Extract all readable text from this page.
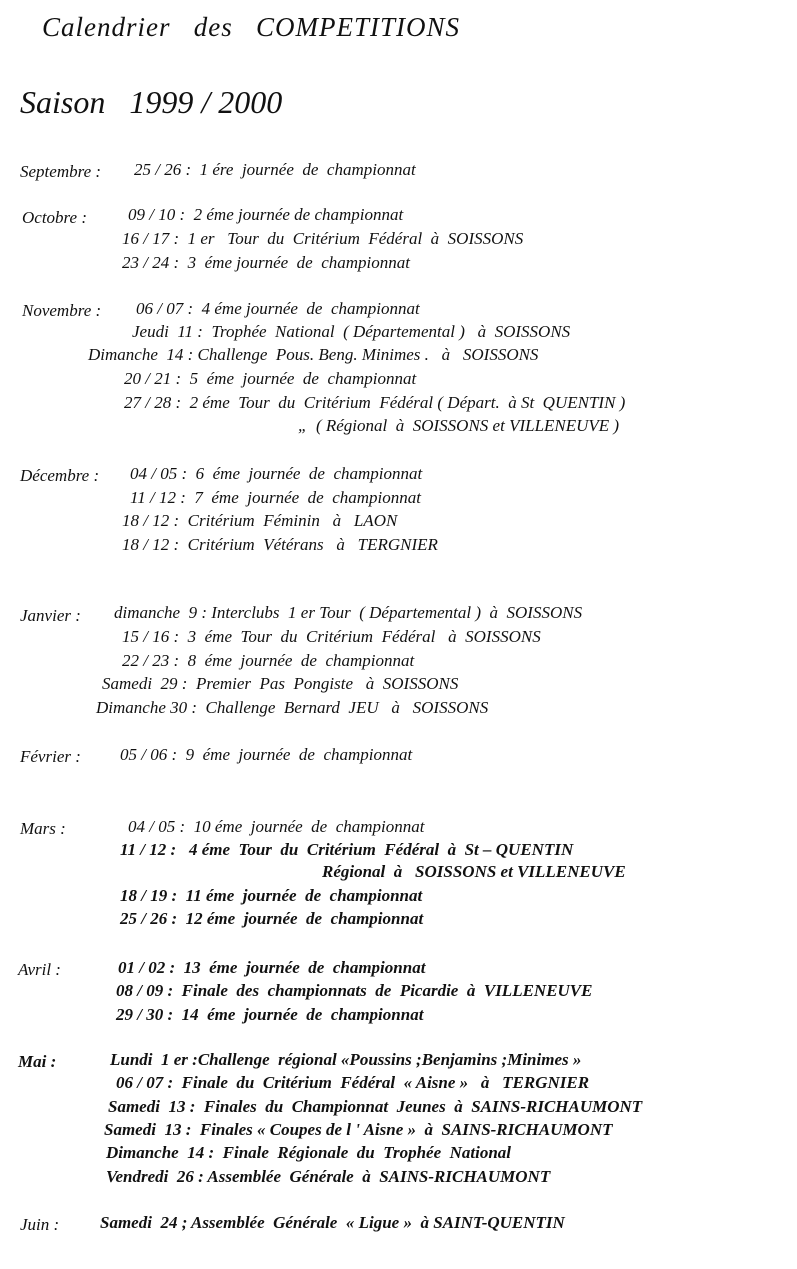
Calendrier   des   COMPETITIONS
Saison   1999 / 2000
Septembre : 25 / 26 :  1 ére  journée  de  championnat
Octobre : 09 / 10 :  2 éme journée de championnat
16 / 17 :  1 er   Tour  du  Critérium  Fédéral  à  SOISSONS
23 / 24 :  3  éme journée  de  championnat
Novembre : 06 / 07 :  4 éme journée  de  championnat
Jeudi  11 :  Trophée  National  ( Départemental )   à  SOISSONS
Dimanche  14 : Challenge  Pous. Beng. Minimes .   à   SOISSONS
20 / 21 :  5  éme  journée  de  championnat
27 / 28 :  2 éme  Tour  du  Critérium  Fédéral ( Départ.  à St  QUENTIN )
„  ( Régional  à  SOISSONS et VILLENEUVE )
Décembre : 04 / 05 :  6  éme  journée  de  championnat
11 / 12 :  7  éme  journée  de  championnat
18 / 12 :  Critérium  Féminin   à   LAON
18 / 12 :  Critérium  Vétérans   à   TERGNIER
Janvier : dimanche  9 : Interclubs  1 er Tour  ( Départemental )  à  SOISSONS
15 / 16 :  3  éme  Tour  du  Critérium  Fédéral   à  SOISSONS
22 / 23 :  8  éme  journée  de  championnat
Samedi  29 :  Premier  Pas  Pongiste   à  SOISSONS
Dimanche 30 :  Challenge  Bernard  JEU   à   SOISSONS
Février : 05 / 06 :  9  éme  journée  de  championnat
Mars :	04 / 05 :  10 éme  journée  de  championnat
11 / 12 :   4 éme  Tour  du  Critérium  Fédéral  à  St – QUENTIN
Régional  à   SOISSONS et VILLENEUVE
18 / 19 :  11 éme  journée  de  championnat
25 / 26 :  12 éme  journée  de  championnat
Avril :	01 / 02 :  13  éme  journée  de  championnat
08 / 09 :  Finale  des  championnats  de  Picardie  à  VILLENEUVE
29 / 30 :  14  éme  journée  de  championnat
Mai :	Lundi  1 er :Challenge  régional «Poussins ;Benjamins ;Minimes »
06 / 07 :  Finale  du  Critérium  Fédéral  « Aisne »   à   TERGNIER
Samedi  13 :  Finales  du  Championnat  Jeunes  à  SAINS-RICHAUMONT
Samedi  13 :  Finales « Coupes de l ' Aisne »  à  SAINS-RICHAUMONT
Dimanche  14 :  Finale  Régionale  du  Trophée  National
Vendredi  26 : Assemblée  Générale  à  SAINS-RICHAUMONT
Juin : Samedi  24 ; Assemblée  Générale  « Ligue »  à SAINT-QUENTIN
